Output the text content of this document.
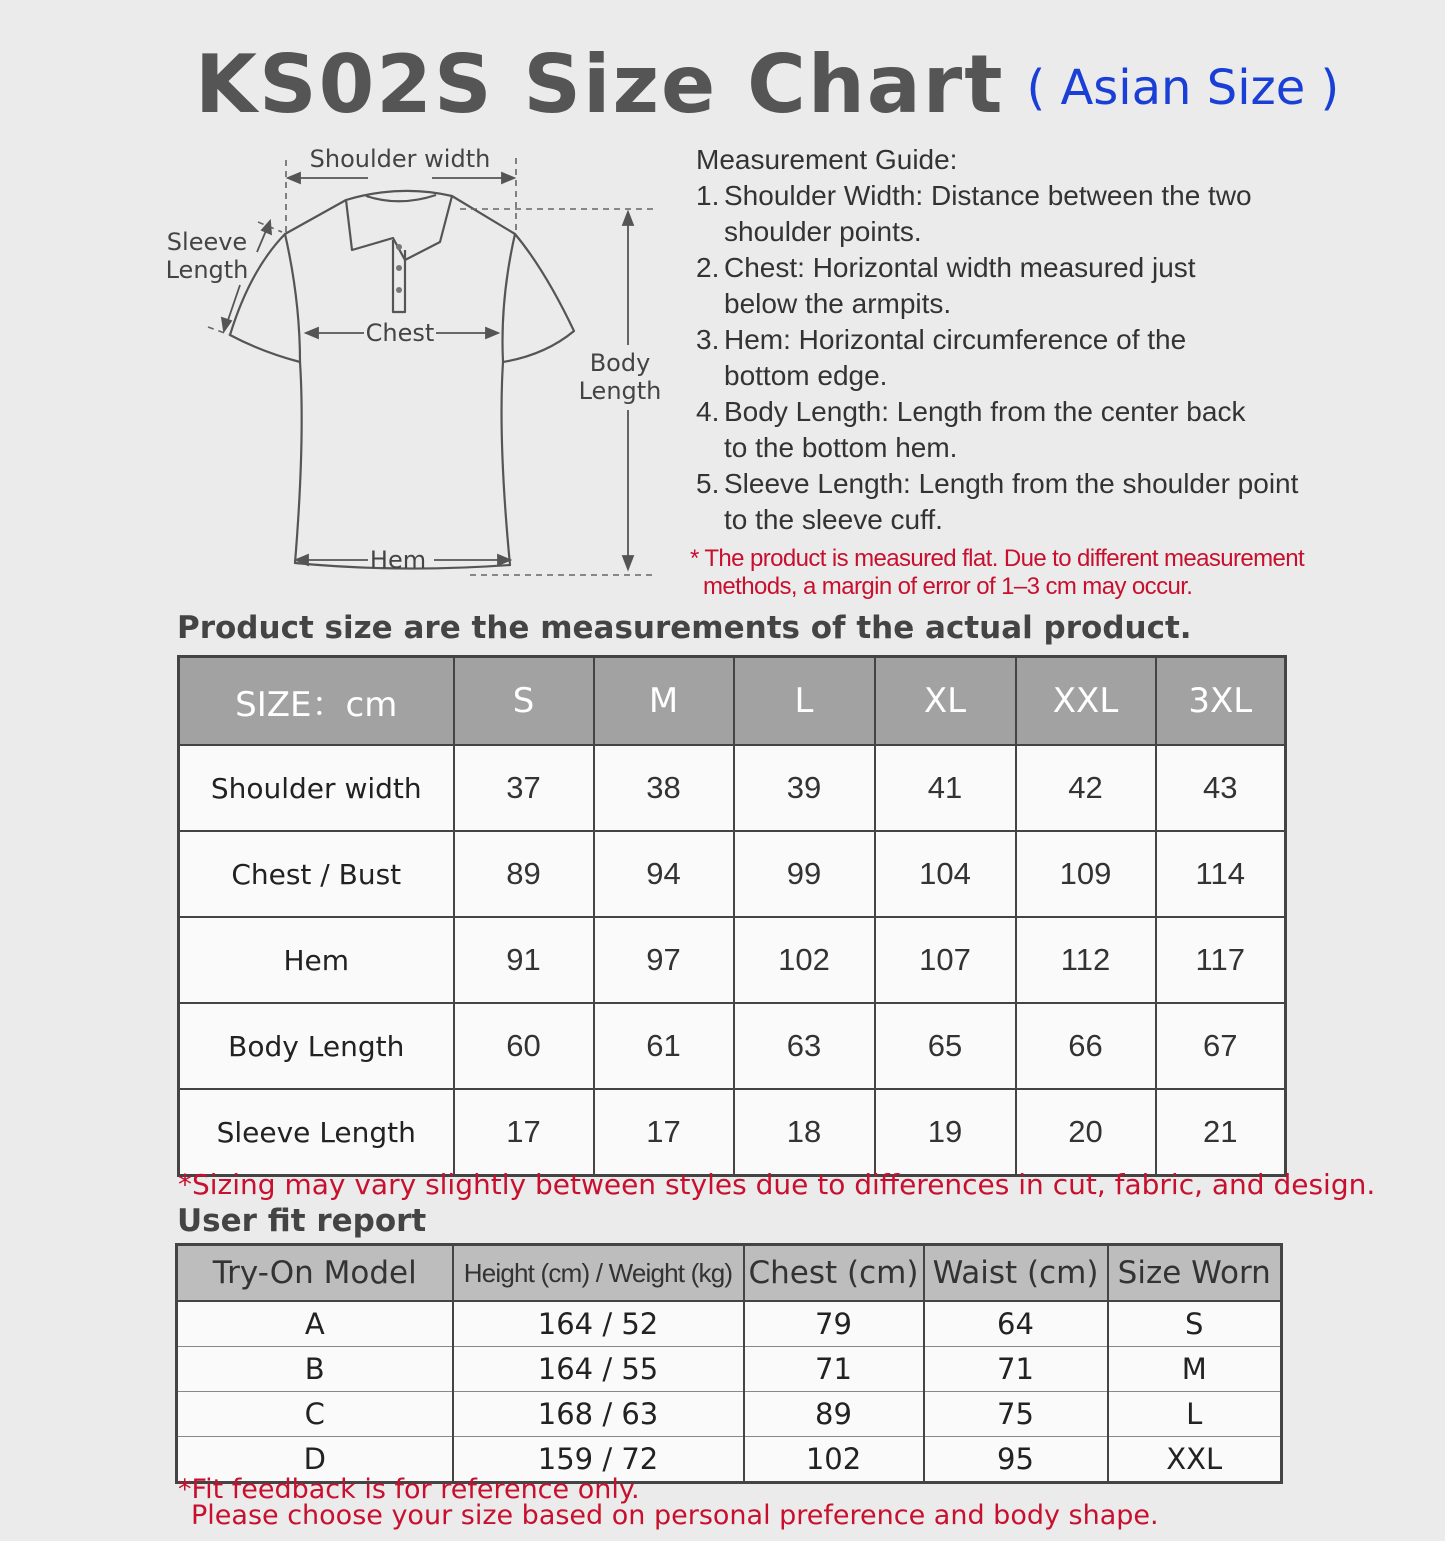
KS02S Size Chart ( Asian Size )
Shoulder width
Sleeve
Length
Chest
Body
Length
Hem
Measurement Guide:
1. Shoulder Width: Distance between the two
shoulder points.
2. Chest: Horizontal width measured just
below the armpits.
3. Hem: Horizontal circumference of the
bottom edge.
4. Body Length: Length from the center back
to the bottom hem.
5. Sleeve Length: Length from the shoulder point
to the sleeve cuff.
* The product is measured flat. Due to different measurement
methods, a margin of error of 1–3 cm may occur.
Product size are the measurements of the actual product.
SIZE：cm	S	M	L	XL	XXL	3XL
Shoulder width	37	38	39	41	42	43
Chest / Bust	89	94	99	104	109	114
Hem	91	97	102	107	112	117
Body Length	60	61	63	65	66	67
Sleeve Length	17	17	18	19	20	21
*Sizing may vary slightly between styles due to differences in cut, fabric, and design.
User fit report
Try-On Model	Height (cm) / Weight (kg)	Chest (cm)	Waist (cm)	Size Worn
A	164 / 52	79	64	S
B	164 / 55	71	71	M
C	168 / 63	89	75	L
D	159 / 72	102	95	XXL
*Fit feedback is for reference only.
Please choose your size based on personal preference and body shape.
